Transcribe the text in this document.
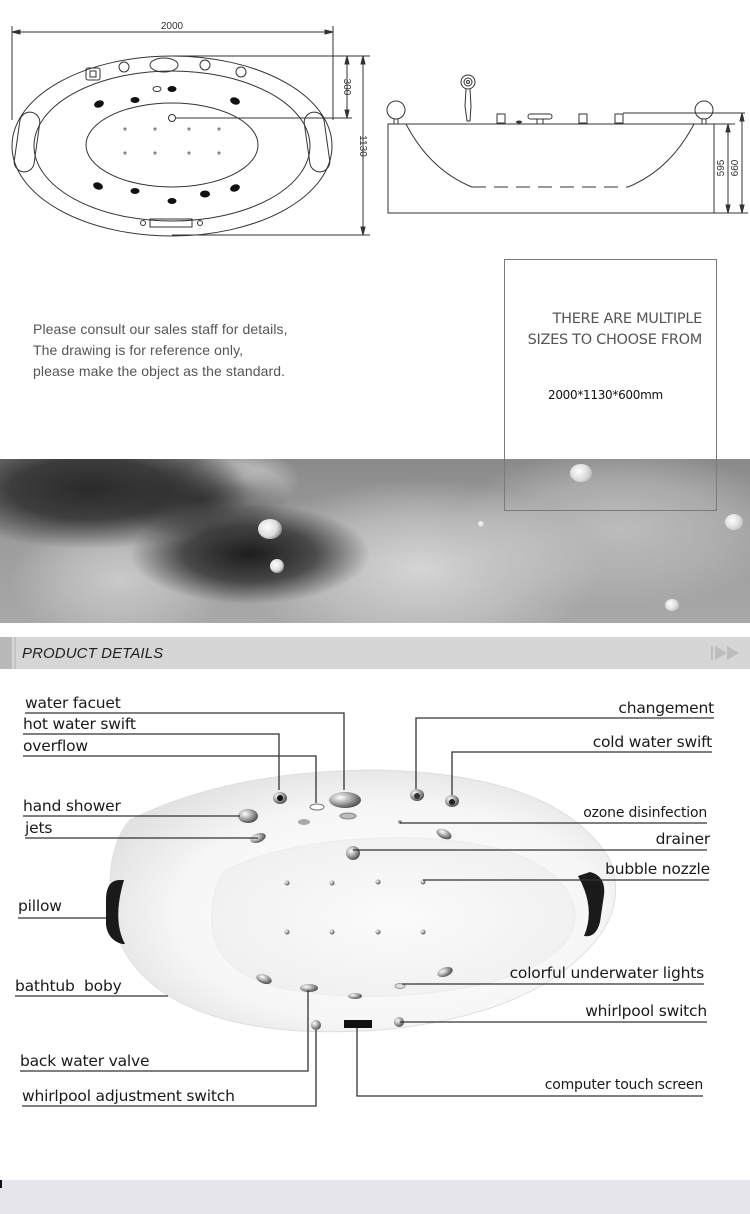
2000
300
1130
595 660
Please consult our sales staff for details,
The drawing is for reference only,
please make the object as the standard.
THERE ARE MULTIPLE
SIZES TO CHOOSE FROM
2000*1130*600mm
PRODUCT DETAILS
water facuet
hot water swift
overflow
hand shower
jets
pillow
bathtub  boby
back water valve
whirlpool adjustment switch
changement
cold water swift
ozone disinfection
drainer
bubble nozzle
colorful underwater lights
whirlpool switch
computer touch screen
